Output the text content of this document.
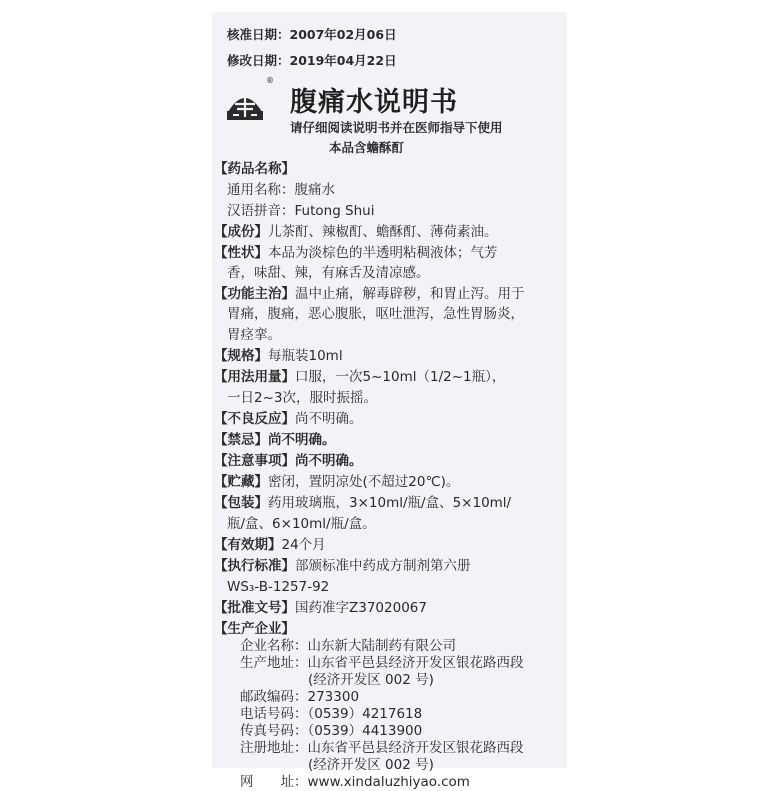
核准日期：2007年02月06日
修改日期：2019年04月22日
®
腹痛水说明书
请仔细阅读说明书并在医师指导下使用
本品含蟾酥酊
【药品名称】
通用名称：腹痛水
汉语拼音：Futong Shui
【成份】儿茶酊、辣椒酊、蟾酥酊、薄荷素油。
【性状】本品为淡棕色的半透明粘稠液体；气芳
香，味甜、辣，有麻舌及清凉感。
【功能主治】温中止痛，解毒辟秽，和胃止泻。用于
胃痛，腹痛，恶心腹胀，呕吐泄泻，急性胃肠炎，
胃痉挛。
【规格】每瓶装10ml
【用法用量】口服，一次5~10ml（1/2~1瓶），
一日2~3次，服时振摇。
【不良反应】尚不明确。
【禁忌】尚不明确。
【注意事项】尚不明确。
【贮藏】密闭，置阴凉处(不超过20℃)。
【包装】药用玻璃瓶，3×10ml/瓶/盒、5×10ml/
瓶/盒、6×10ml/瓶/盒。
【有效期】24个月
【执行标准】部颁标准中药成方制剂第六册
WS₃-B-1257-92
【批准文号】国药准字Z37020067
【生产企业】
企业名称：山东新大陆制药有限公司
生产地址：山东省平邑县经济开发区银花路西段
(经济开发区 002 号)
邮政编码：273300
电话号码：（0539）4217618
传真号码：（0539）4413900
注册地址：山东省平邑县经济开发区银花路西段
(经济开发区 002 号)
网　　址：www.xindaluzhiyao.com
